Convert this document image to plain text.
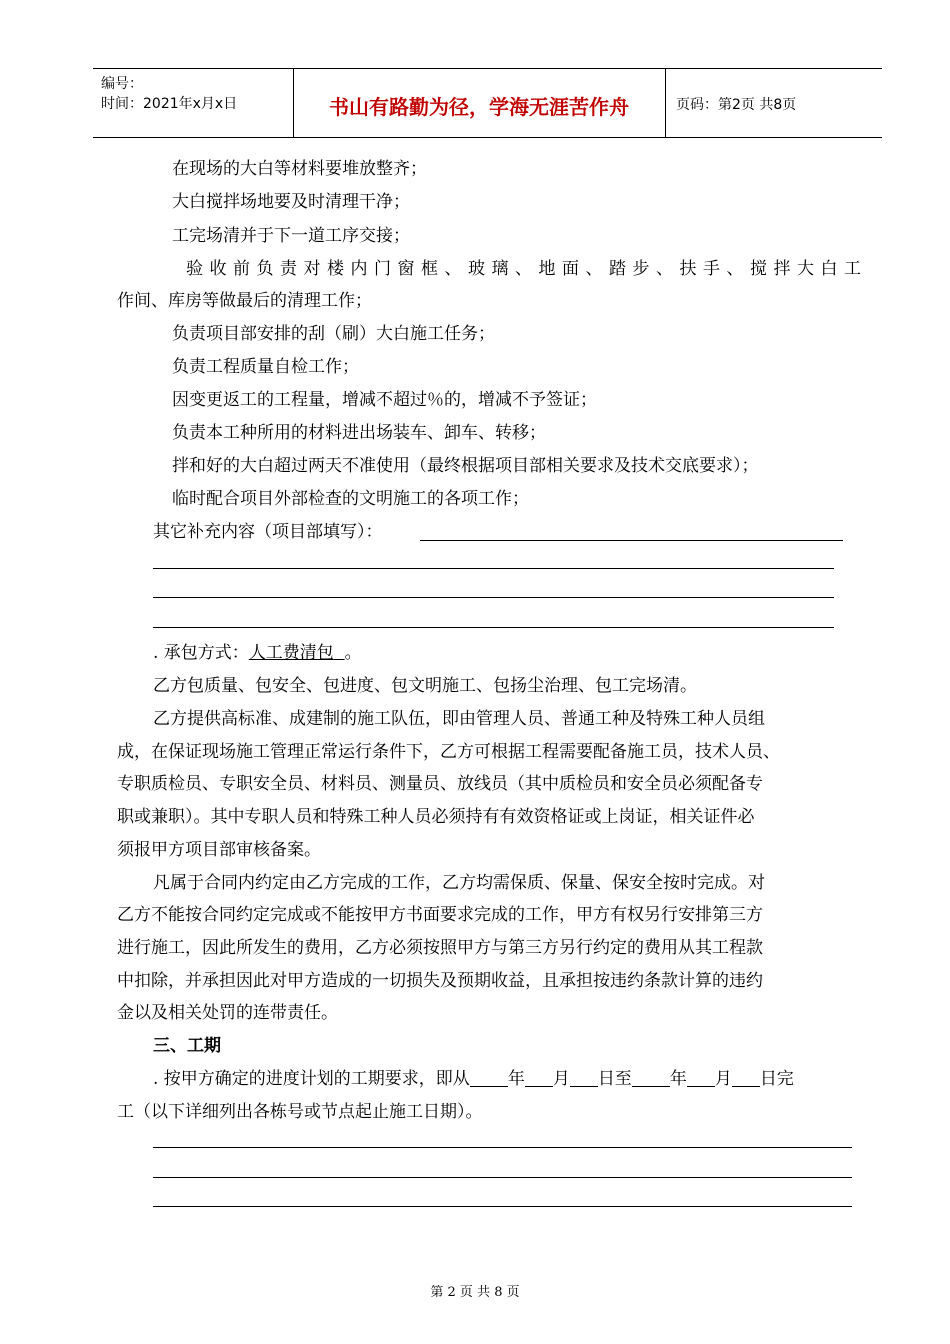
编号：
时间：2021年x月x日	书山有路勤为径，学海无涯苦作舟	页码：第2页 共8页
在现场的大白等材料要堆放整齐；
大白搅拌场地要及时清理干净；
工完场清并于下一道工序交接；
验收前负责对楼内门窗框、玻璃、地面、踏步、扶手、搅拌大白工
作间、库房等做最后的清理工作；
负责项目部安排的刮（刷）大白施工任务；
负责工程质量自检工作；
因变更返工的工程量，增减不超过％的，增减不予签证；
负责本工种所用的材料进出场装车、卸车、转移；
拌和好的大白超过两天不准使用（最终根据项目部相关要求及技术交底要求）；
临时配合项目外部检查的文明施工的各项工作；
其它补充内容（项目部填写）：
. 承包方式：人工费清包 。
乙方包质量、包安全、包进度、包文明施工、包扬尘治理、包工完场清。
乙方提供高标准、成建制的施工队伍，即由管理人员、普通工种及特殊工种人员组
成，在保证现场施工管理正常运行条件下，乙方可根据工程需要配备施工员，技术人员、
专职质检员、专职安全员、材料员、测量员、放线员（其中质检员和安全员必须配备专
职或兼职）。其中专职人员和特殊工种人员必须持有有效资格证或上岗证，相关证件必
须报甲方项目部审核备案。
凡属于合同内约定由乙方完成的工作，乙方均需保质、保量、保安全按时完成。对
乙方不能按合同约定完成或不能按甲方书面要求完成的工作，甲方有权另行安排第三方
进行施工，因此所发生的费用，乙方必须按照甲方与第三方另行约定的费用从其工程款
中扣除，并承担因此对甲方造成的一切损失及预期收益，且承担按违约条款计算的违约
金以及相关处罚的连带责任。
三、工期
. 按甲方确定的进度计划的工期要求，即从 年 月 日至 年 月 日完
工（以下详细列出各栋号或节点起止施工日期）。
第 2 页 共 8 页
